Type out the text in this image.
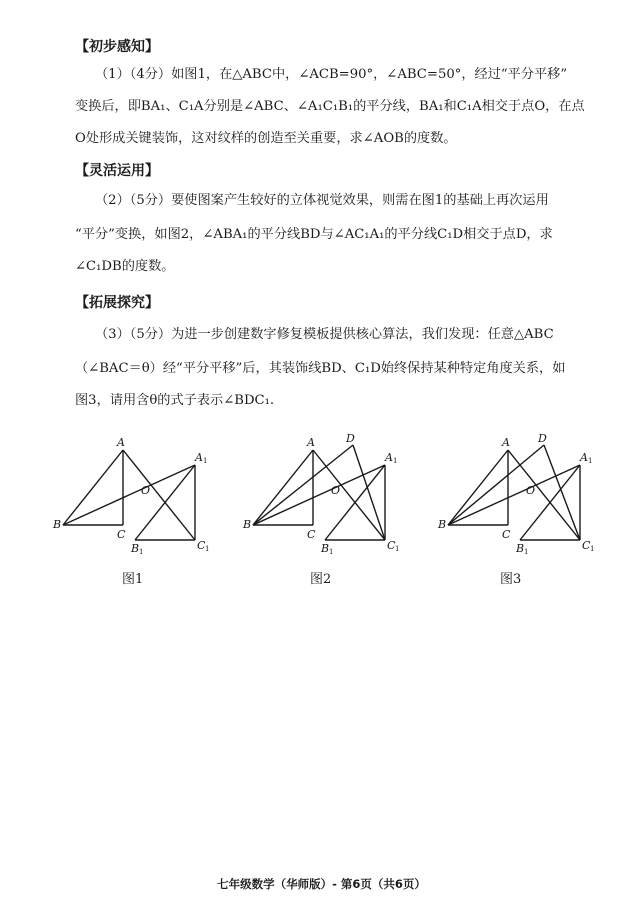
【初步感知】
（1）（4分）如图1，在△ABC中，∠ACB=90°，∠ABC=50°，经过“平分平移”
变换后，即BA₁、C₁A分别是∠ABC、∠A₁C₁B₁的平分线，BA₁和C₁A相交于点O，在点
O处形成关键装饰，这对纹样的创造至关重要，求∠AOB的度数。
【灵活运用】
（2）（5分）要使图案产生较好的立体视觉效果，则需在图1的基础上再次运用
“平分”变换，如图2，∠ABA₁的平分线BD与∠AC₁A₁的平分线C₁D相交于点D，求
∠C₁DB的度数。
【拓展探究】
（3）（5分）为进一步创建数字修复模板提供核心算法，我们发现：任意△ABC
（∠BAC＝θ）经“平分平移”后，其装饰线BD、C₁D始终保持某种特定角度关系，如
图3，请用含θ的式子表示∠BDC₁.
A
B
C
O
A 1
B 1	C 1
A	D
B
C
O
A 1
B 1	C 1
A	D
B
C
O
A 1
B 1	C 1
图1	图2	图3
七年级数学（华师版）- 第6页（共6页）
